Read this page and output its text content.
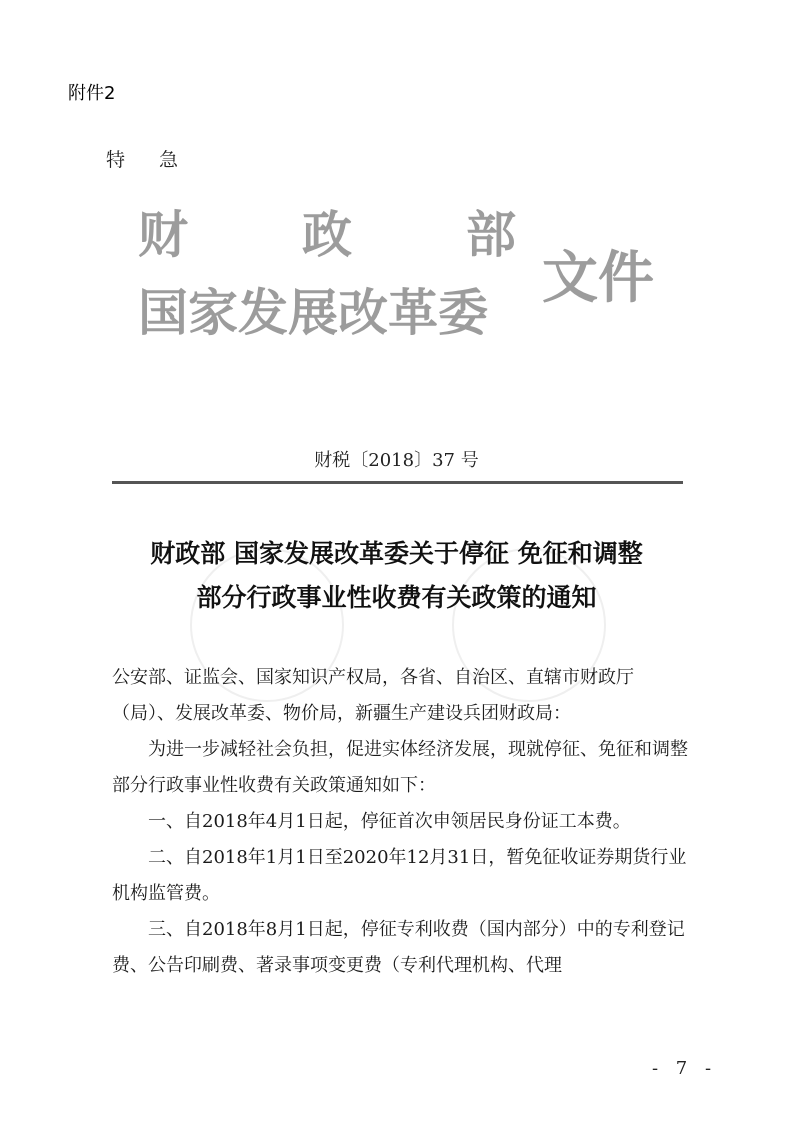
附件2
特 急
财 政 部
国家发展改革委
文件
财税〔2018〕37 号
财政部 国家发展改革委关于停征 免征和调整
部分行政事业性收费有关政策的通知

公安部、证监会、国家知识产权局，各省、自治区、直辖市财政厅（局）、发展改革委、物价局，新疆生产建设兵团财政局：

为进一步减轻社会负担，促进实体经济发展，现就停征、免征和调整部分行政事业性收费有关政策通知如下：

一、自2018年4月1日起，停征首次申领居民身份证工本费。

二、自2018年1月1日至2020年12月31日，暂免征收证券期货行业机构监管费。

三、自2018年8月1日起，停征专利收费（国内部分）中的专利登记费、公告印刷费、著录事项变更费（专利代理机构、代理

- 7 -
